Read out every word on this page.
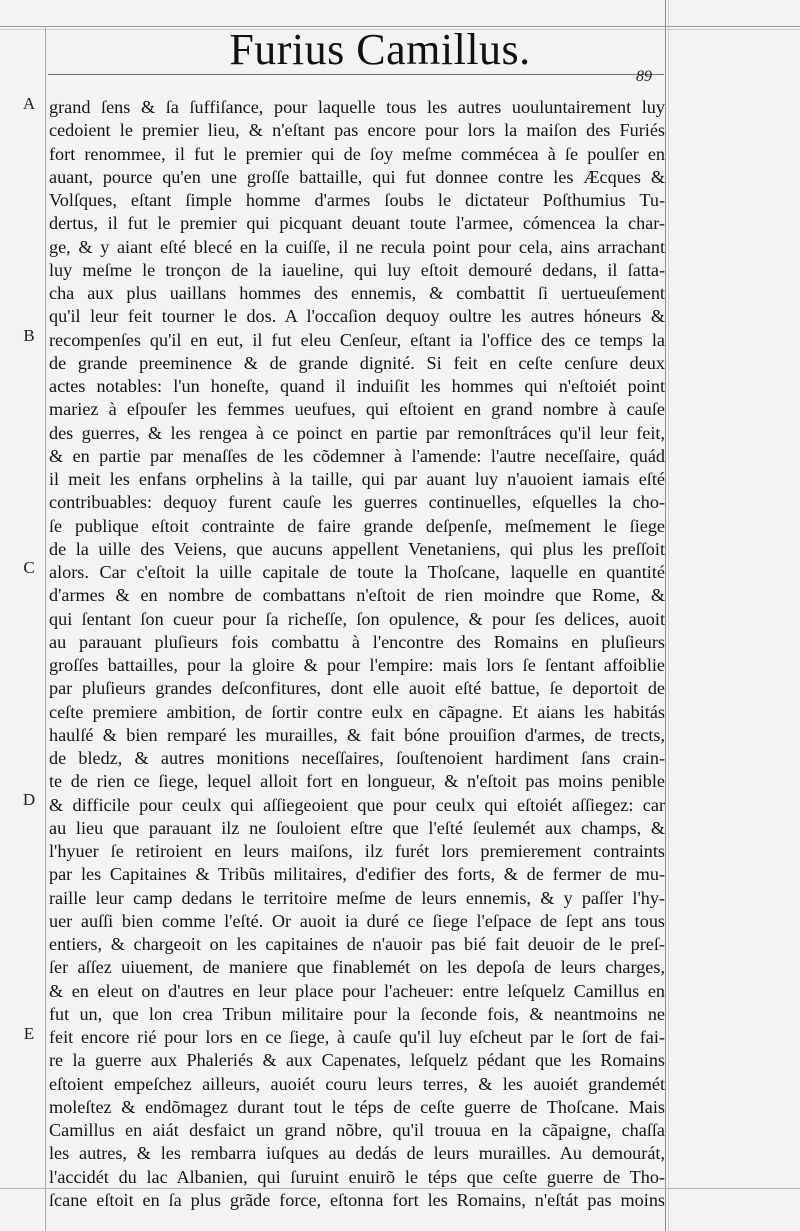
Furius Camillus.
89
A
B
C
D
E
grand ſens & ſa ſuffiſance, pour laquelle tous les autres uouluntairement luy
cedoient le premier lieu, & n'eſtant pas encore pour lors la maiſon des Furiés
fort renommee, il fut le premier qui de ſoy meſme commécea à ſe poulſer en
auant, pource qu'en une groſſe battaille, qui fut donnee contre les Æcques &
Volſques, eſtant ſimple homme d'armes ſoubs le dictateur Poſthumius Tu-
dertus, il fut le premier qui picquant deuant toute l'armee, cómencea la char-
ge, & y aiant eſté blecé en la cuiſſe, il ne recula point pour cela, ains arrachant
luy meſme le tronçon de la iaueline, qui luy eſtoit demouré dedans, il ſatta-
cha aux plus uaillans hommes des ennemis, & combattit ſi uertueuſement
qu'il leur feit tourner le dos. A l'occaſion dequoy oultre les autres hóneurs &
recompenſes qu'il en eut, il fut eleu Cenſeur, eſtant ia l'office des ce temps la
de grande preeminence & de grande dignité. Si feit en ceſte cenſure deux
actes notables: l'un honeſte, quand il induiſit les hommes qui n'eſtoiét point
mariez à eſpouſer les femmes ueufues, qui eſtoient en grand nombre à cauſe
des guerres, & les rengea à ce poinct en partie par remonſtráces qu'il leur feit,
& en partie par menaſſes de les cõdemner à l'amende: l'autre neceſſaire, quád
il meit les enfans orphelins à la taille, qui par auant luy n'auoient iamais eſté
contribuables: dequoy furent cauſe les guerres continuelles, eſquelles la cho-
ſe publique eſtoit contrainte de faire grande deſpenſe, meſmement le ſiege
de la uille des Veiens, que aucuns appellent Venetaniens, qui plus les preſſoit
alors. Car c'eſtoit la uille capitale de toute la Thoſcane, laquelle en quantité
d'armes & en nombre de combattans n'eſtoit de rien moindre que Rome, &
qui ſentant ſon cueur pour ſa richeſſe, ſon opulence, & pour ſes delices, auoit
au parauant pluſieurs fois combattu à l'encontre des Romains en pluſieurs
groſſes battailles, pour la gloire & pour l'empire: mais lors ſe ſentant affoiblie
par pluſieurs grandes deſconfitures, dont elle auoit eſté battue, ſe deportoit de
ceſte premiere ambition, de ſortir contre eulx en cãpagne. Et aians les habitás
haulſé & bien remparé les murailles, & fait bóne prouiſion d'armes, de trects,
de bledz, & autres monitions neceſſaires, ſouſtenoient hardiment ſans crain-
te de rien ce ſiege, lequel alloit fort en longueur, & n'eſtoit pas moins penible
& difficile pour ceulx qui aſſiegeoient que pour ceulx qui eſtoiét aſſiegez: car
au lieu que parauant ilz ne ſouloient eſtre que l'eſté ſeulemét aux champs, &
l'hyuer ſe retiroient en leurs maiſons, ilz furét lors premierement contraints
par les Capitaines & Tribũs militaires, d'edifier des forts, & de fermer de mu-
raille leur camp dedans le territoire meſme de leurs ennemis, & y paſſer l'hy-
uer auſſi bien comme l'eſté. Or auoit ia duré ce ſiege l'eſpace de ſept ans tous
entiers, & chargeoit on les capitaines de n'auoir pas bié fait deuoir de le preſ-
ſer aſſez uiuement, de maniere que finablemét on les depoſa de leurs charges,
& en eleut on d'autres en leur place pour l'acheuer: entre leſquelz Camillus en
fut un, que lon crea Tribun militaire pour la ſeconde fois, & neantmoins ne
feit encore rié pour lors en ce ſiege, à cauſe qu'il luy eſcheut par le ſort de fai-
re la guerre aux Phaleriés & aux Capenates, leſquelz pédant que les Romains
eſtoient empeſchez ailleurs, auoiét couru leurs terres, & les auoiét grandemét
moleſtez & endõmagez durant tout le téps de ceſte guerre de Thoſcane. Mais
Camillus en aiát desfaict un grand nõbre, qu'il trouua en la cãpaigne, chaſſa
les autres, & les rembarra iuſques au dedás de leurs murailles. Au demourát,
l'accidét du lac Albanien, qui ſuruint enuirõ le téps que ceſte guerre de Tho-
ſcane eſtoit en ſa plus grãde force, eſtonna fort les Romains, n'eſtát pas moins
